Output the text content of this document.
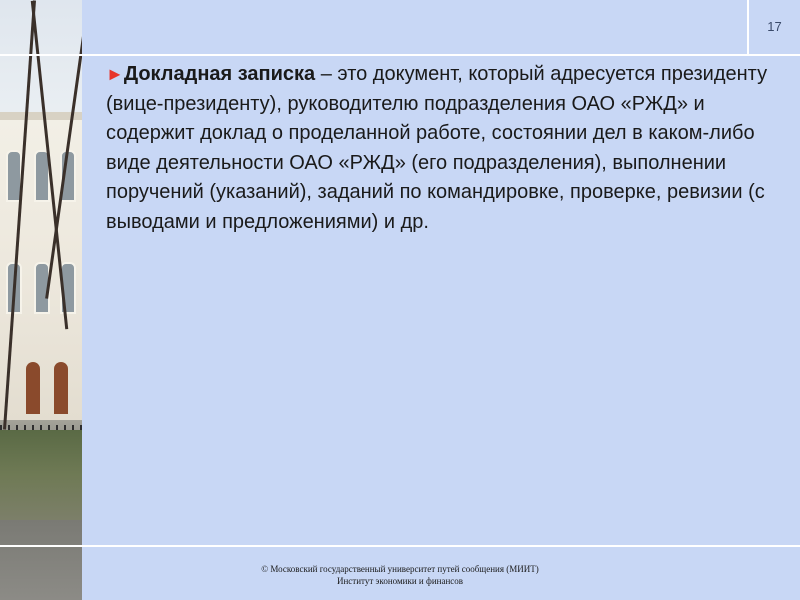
17

►Докладная записка – это документ, который адресуется президенту (вице-президенту), руководителю подразделения ОАО «РЖД» и содержит доклад о проделанной работе, состоянии дел в каком-либо виде деятельности ОАО «РЖД» (его подразделения), выполнении поручений (указаний), заданий по командировке, проверке, ревизии (с выводами и предложениями) и др.

© Московский государственный университет путей сообщения (МИИТ)
Институт экономики и финансов
